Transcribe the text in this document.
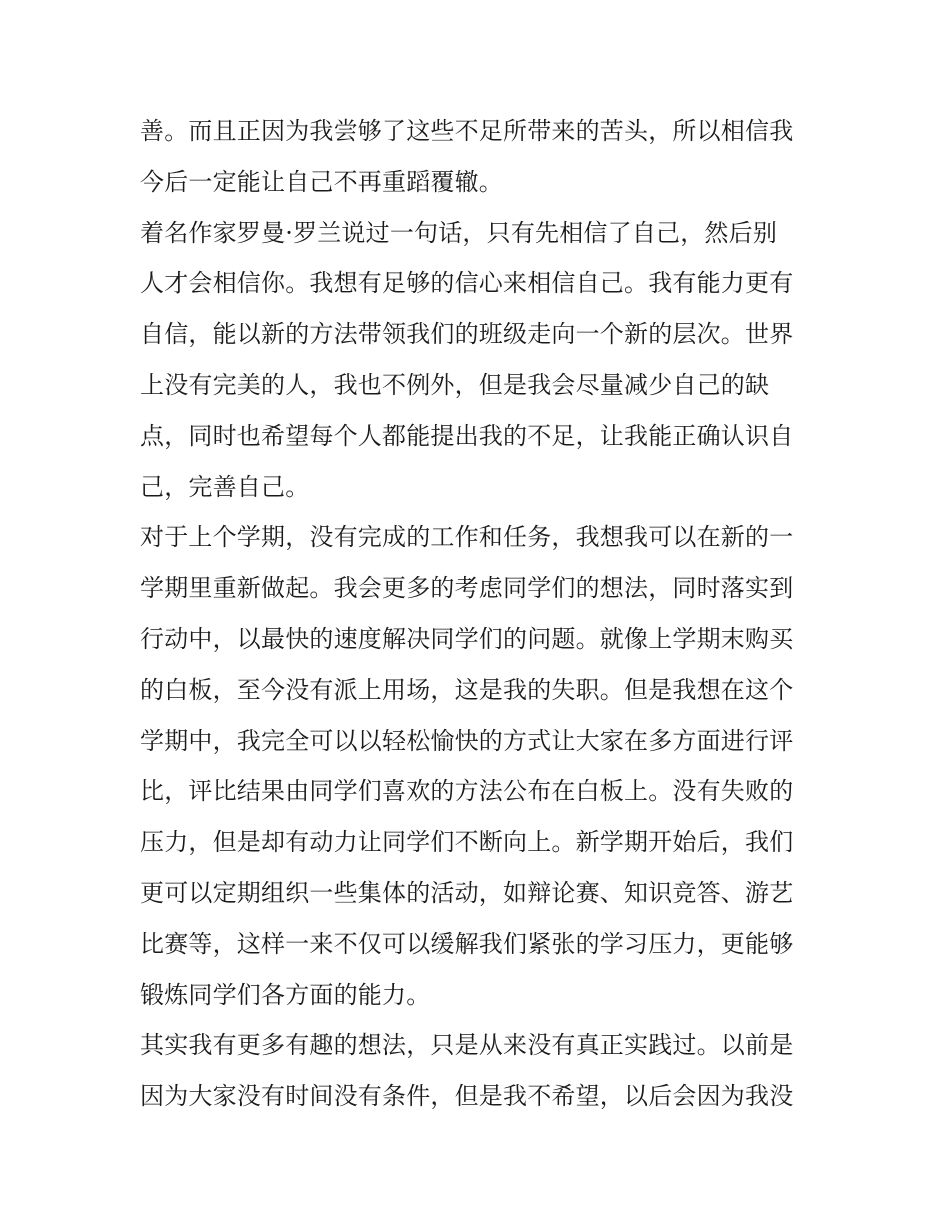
善。而且正因为我尝够了这些不足所带来的苦头，所以相信我
今后一定能让自己不再重蹈覆辙。
着名作家罗曼·罗兰说过一句话，只有先相信了自己，然后别
人才会相信你。我想有足够的信心来相信自己。我有能力更有
自信，能以新的方法带领我们的班级走向一个新的层次。世界
上没有完美的人，我也不例外，但是我会尽量减少自己的缺
点，同时也希望每个人都能提出我的不足，让我能正确认识自
己，完善自己。
对于上个学期，没有完成的工作和任务，我想我可以在新的一
学期里重新做起。我会更多的考虑同学们的想法，同时落实到
行动中，以最快的速度解决同学们的问题。就像上学期末购买
的白板，至今没有派上用场，这是我的失职。但是我想在这个
学期中，我完全可以以轻松愉快的方式让大家在多方面进行评
比，评比结果由同学们喜欢的方法公布在白板上。没有失败的
压力，但是却有动力让同学们不断向上。新学期开始后，我们
更可以定期组织一些集体的活动，如辩论赛、知识竞答、游艺
比赛等，这样一来不仅可以缓解我们紧张的学习压力，更能够
锻炼同学们各方面的能力。
其实我有更多有趣的想法，只是从来没有真正实践过。以前是
因为大家没有时间没有条件，但是我不希望，以后会因为我没
